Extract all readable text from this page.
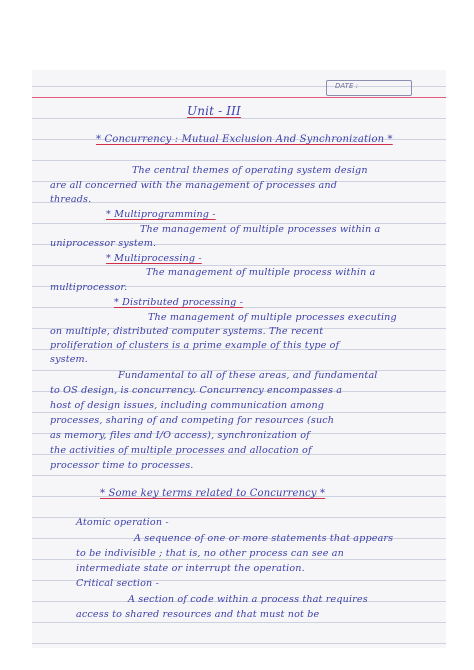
DATE :
Unit - III
* Concurrency : Mutual Exclusion And Synchronization *
The central themes of operating system design
are all concerned with the management of processes and
threads.
* Multiprogramming -
The management of multiple processes within a
uniprocessor system.
* Multiprocessing -
The management of multiple process within a
multiprocessor.
* Distributed processing -
The management of multiple processes executing
on multiple, distributed computer systems. The recent
proliferation of clusters is a prime example of this type of
system.
Fundamental to all of these areas, and fundamental
to OS design, is concurrency. Concurrency encompasses a
host of design issues, including communication among
processes, sharing of and competing for resources (such
as memory, files and I/O access), synchronization of
the activities of multiple processes and allocation of
processor time to processes.
* Some key terms related to Concurrency *
Atomic operation -
A sequence of one or more statements that appears
to be indivisible ; that is, no other process can see an
intermediate state or interrupt the operation.
Critical section -
A section of code within a process that requires
access to shared resources and that must not be
